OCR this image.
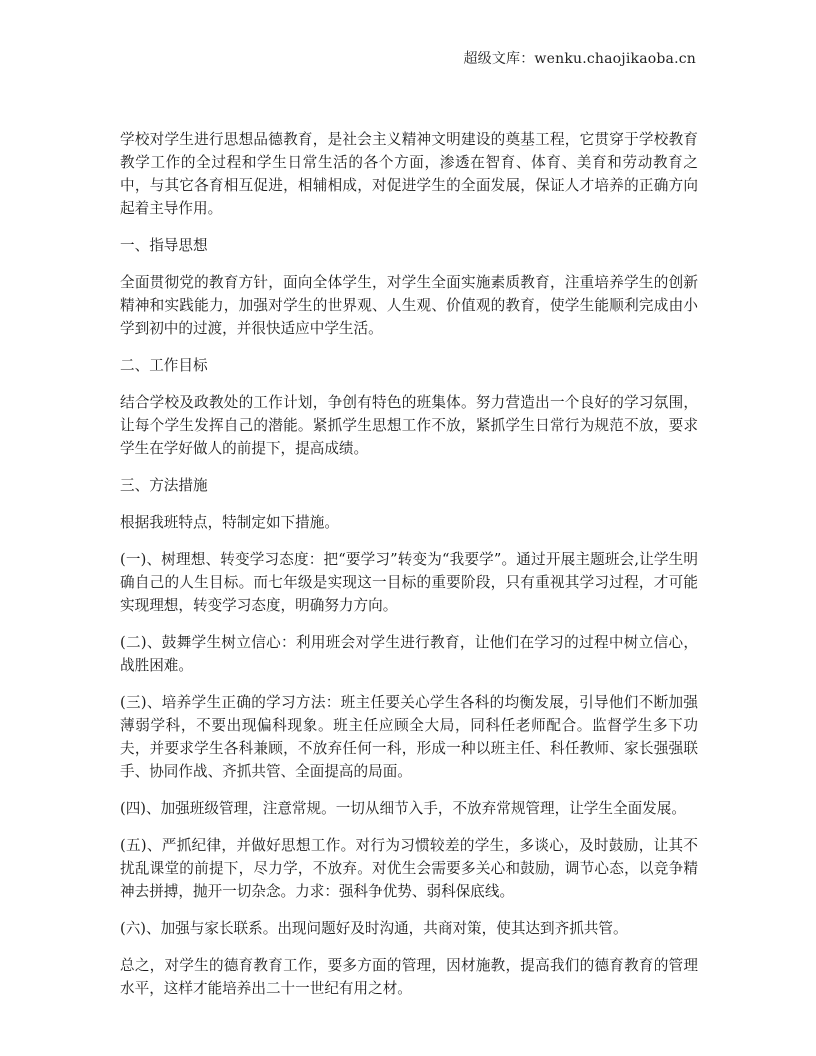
超级文库：wenku.chaojikaoba.cn

学校对学生进行思想品德教育，是社会主义精神文明建设的奠基工程，它贯穿于学校教育教学工作的全过程和学生日常生活的各个方面，渗透在智育、体育、美育和劳动教育之中，与其它各育相互促进，相辅相成，对促进学生的全面发展，保证人才培养的正确方向起着主导作用。

一、指导思想

全面贯彻党的教育方针，面向全体学生，对学生全面实施素质教育，注重培养学生的创新精神和实践能力，加强对学生的世界观、人生观、价值观的教育，使学生能顺利完成由小学到初中的过渡，并很快适应中学生活。

二、工作目标

结合学校及政教处的工作计划，争创有特色的班集体。努力营造出一个良好的学习氛围，让每个学生发挥自己的潜能。紧抓学生思想工作不放，紧抓学生日常行为规范不放，要求学生在学好做人的前提下，提高成绩。

三、方法措施

根据我班特点，特制定如下措施。

(一)、树理想、转变学习态度：把“要学习”转变为“我要学”。通过开展主题班会,让学生明确自己的人生目标。而七年级是实现这一目标的重要阶段，只有重视其学习过程，才可能实现理想，转变学习态度，明确努力方向。

(二)、鼓舞学生树立信心：利用班会对学生进行教育，让他们在学习的过程中树立信心，战胜困难。

(三)、培养学生正确的学习方法：班主任要关心学生各科的均衡发展，引导他们不断加强薄弱学科，不要出现偏科现象。班主任应顾全大局，同科任老师配合。监督学生多下功夫，并要求学生各科兼顾，不放弃任何一科，形成一种以班主任、科任教师、家长强强联手、协同作战、齐抓共管、全面提高的局面。

(四)、加强班级管理，注意常规。一切从细节入手，不放弃常规管理，让学生全面发展。

(五)、严抓纪律，并做好思想工作。对行为习惯较差的学生，多谈心，及时鼓励，让其不扰乱课堂的前提下，尽力学，不放弃。对优生会需要多关心和鼓励，调节心态，以竞争精神去拼搏，抛开一切杂念。力求：强科争优势、弱科保底线。

(六)、加强与家长联系。出现问题好及时沟通，共商对策，使其达到齐抓共管。

总之，对学生的德育教育工作，要多方面的管理，因材施教，提高我们的德育教育的管理水平，这样才能培养出二十一世纪有用之材。
